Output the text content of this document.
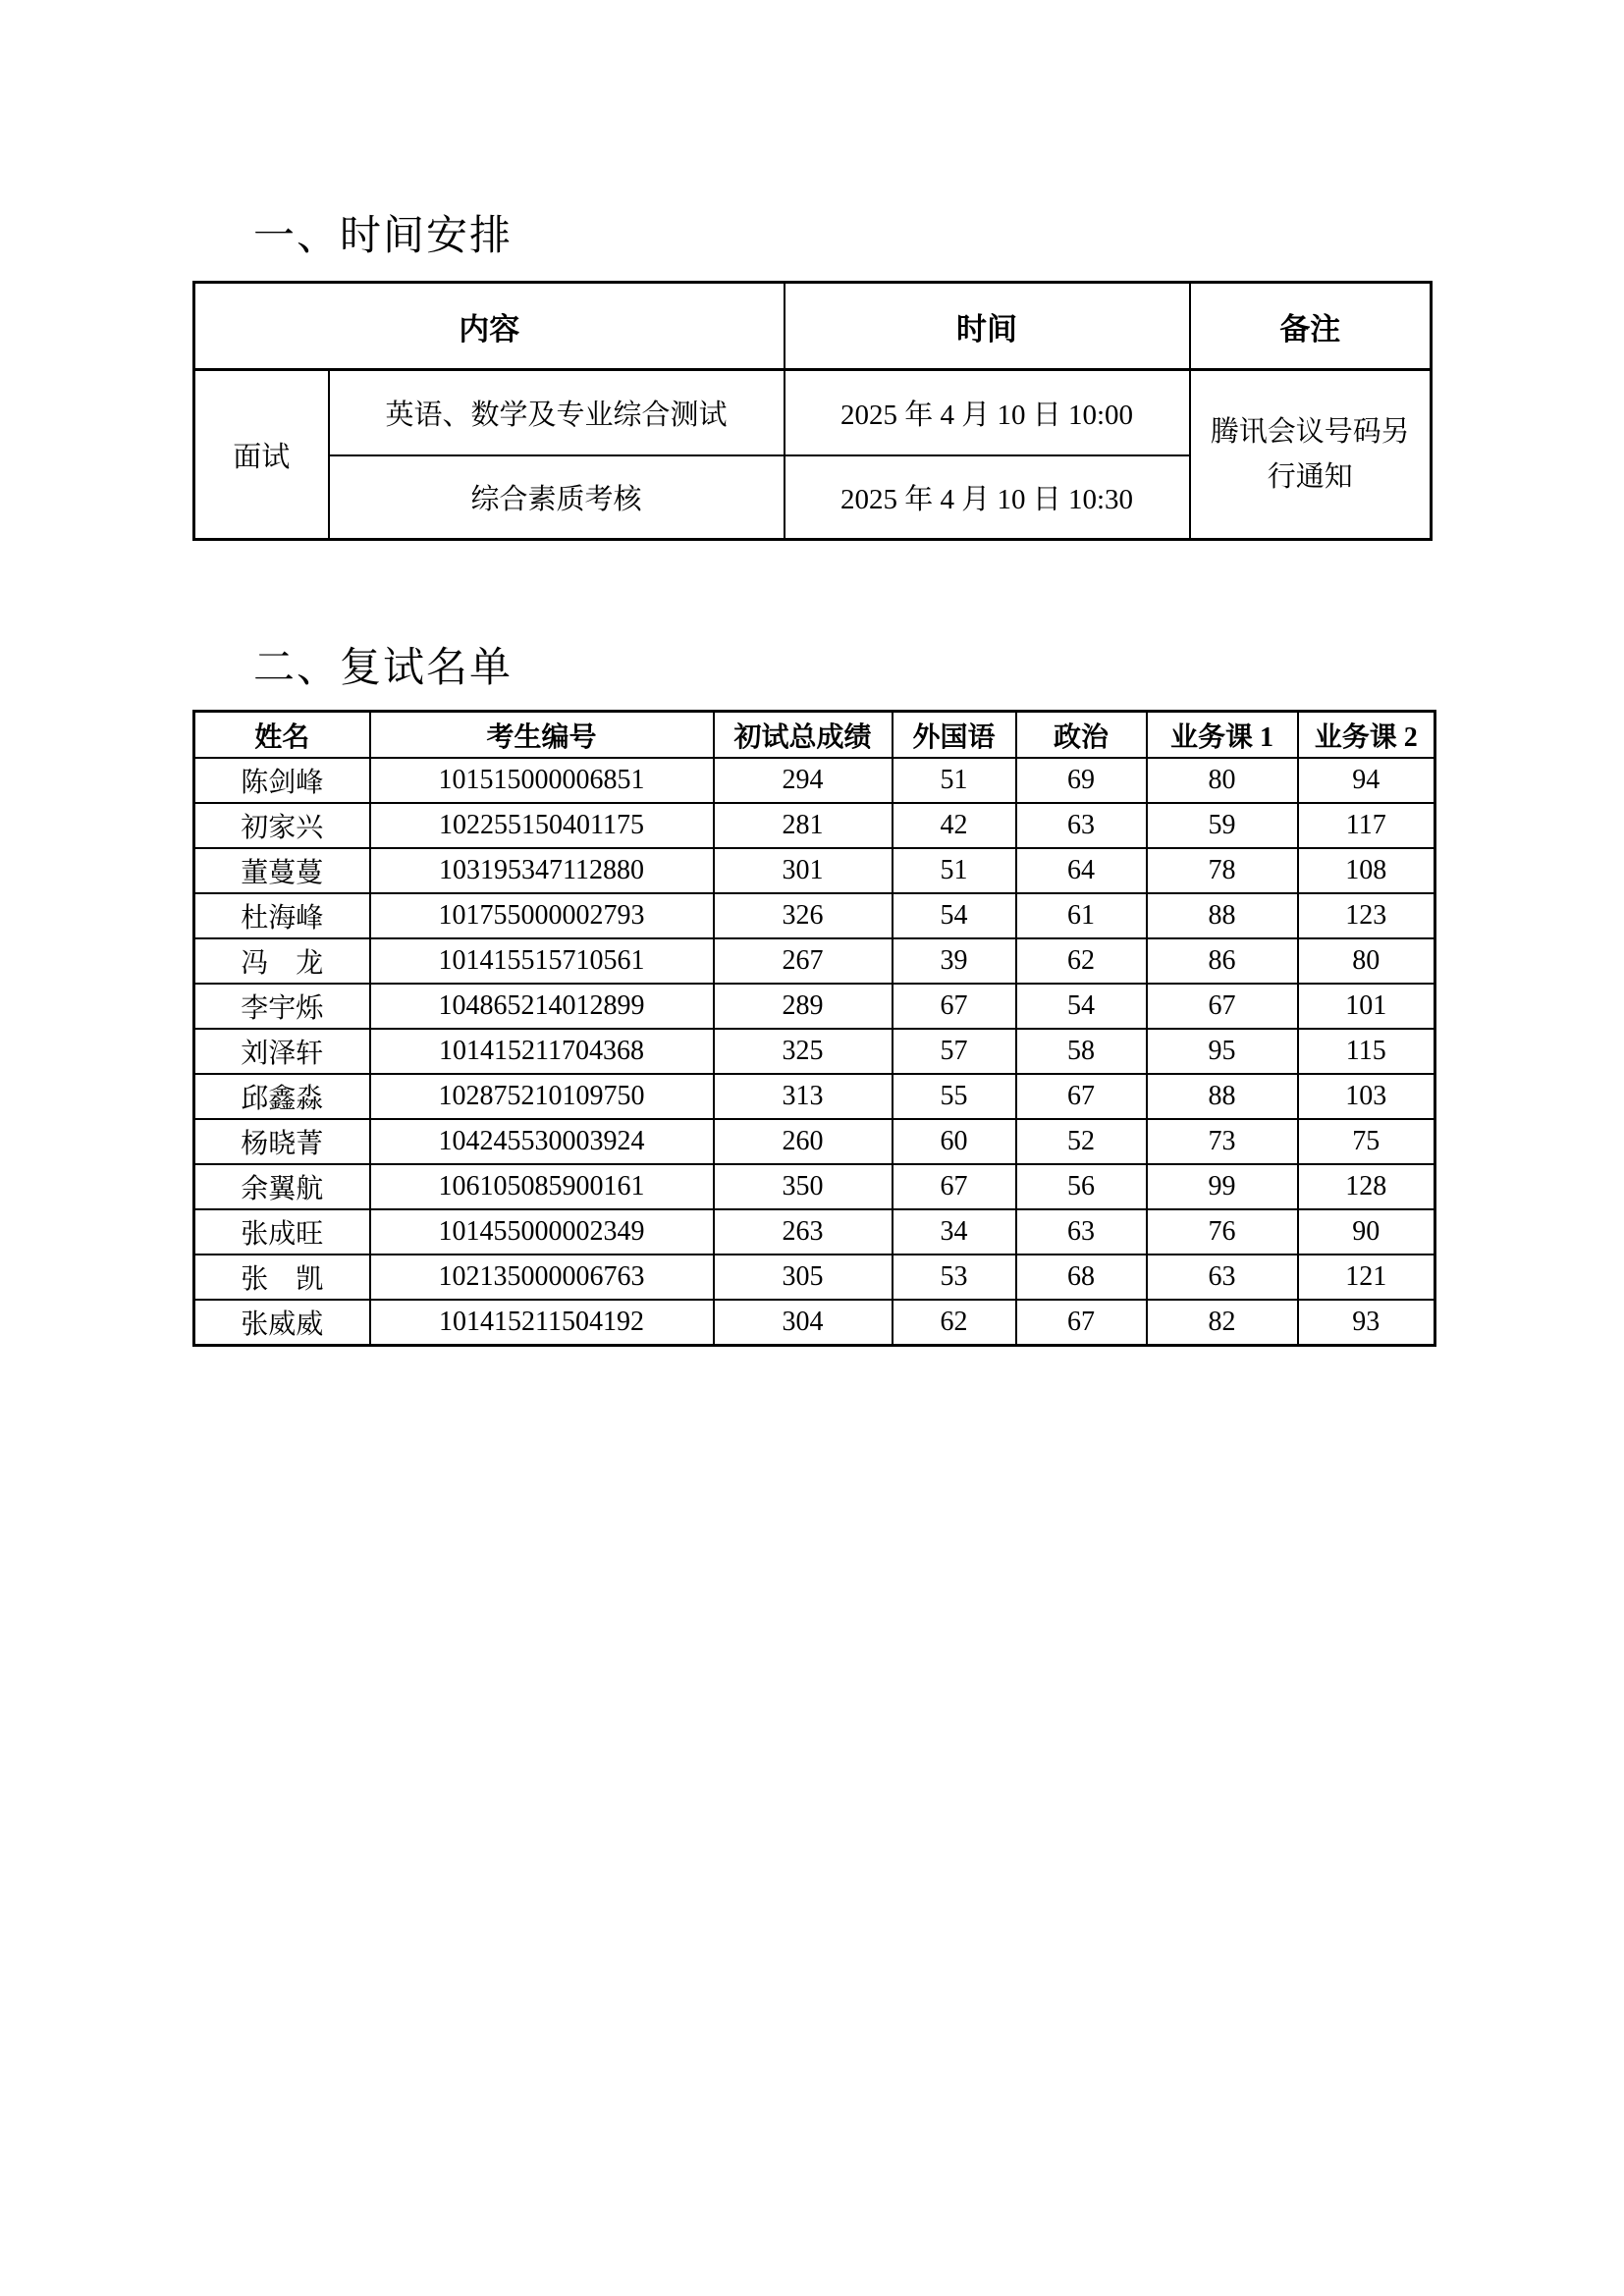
一、时间安排
内容		时间	备注
面试	英语、数学及专业综合测试	2025 年 4 月 10 日 10:00	腾讯会议号码另行通知
	综合素质考核	2025 年 4 月 10 日 10:30	
二、复试名单
姓名	考生编号	初试总成绩	外国语	政治	业务课 1	业务课 2
陈剑峰	101515000006851	294	51	69	80	94
初家兴	102255150401175	281	42	63	59	117
董蔓蔓	103195347112880	301	51	64	78	108
杜海峰	101755000002793	326	54	61	88	123
冯　龙	101415515710561	267	39	62	86	80
李宇烁	104865214012899	289	67	54	67	101
刘泽轩	101415211704368	325	57	58	95	115
邱鑫淼	102875210109750	313	55	67	88	103
杨晓菁	104245530003924	260	60	52	73	75
余翼航	106105085900161	350	67	56	99	128
张成旺	101455000002349	263	34	63	76	90
张　凯	102135000006763	305	53	68	63	121
张威威	101415211504192	304	62	67	82	93
